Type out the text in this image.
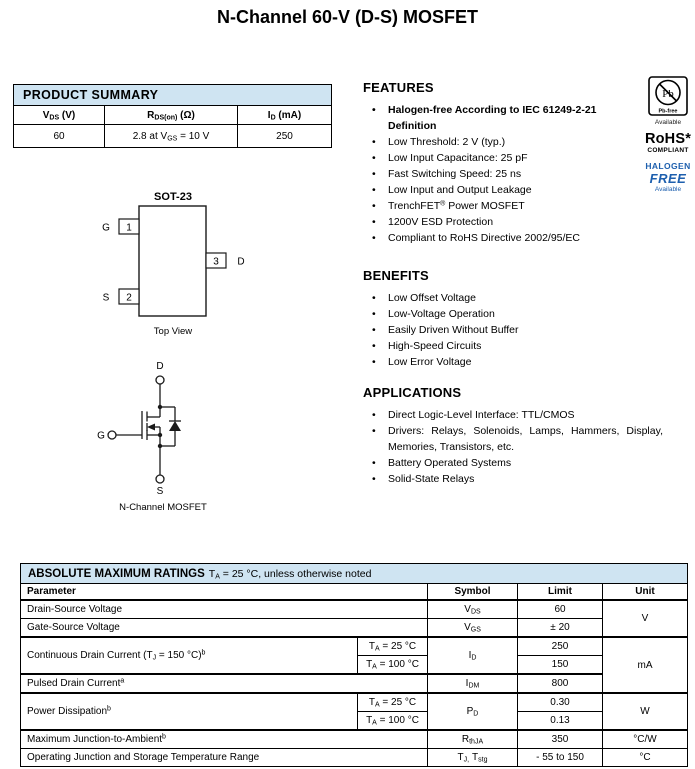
N-Channel 60-V (D-S) MOSFET
PRODUCT SUMMARY		
$V_{DS}$ (V)	$R_{DS(on)}$ (Ω)	$I_D$ (mA)
60	2.8 at $V_{GS} = 10$ V	250
SOT-23
1
G
2
S
3 D
Top View
D
G
S
N-Channel MOSFET
FEATURES
• Halogen-free According to IEC 61249-2-21 Definition
• Low Threshold: 2 V (typ.)
• Low Input Capacitance: 25 pF
• Fast Switching Speed: 25 ns
• Low Input and Output Leakage
• TrenchFET® Power MOSFET
• 1200V ESD Protection
• Compliant to RoHS Directive 2002/95/EC
Pb
Pb-free
Available
RoHS*
COMPLIANT
HALOGEN
FREE
Available
BENEFITS
• Low Offset Voltage
• Low-Voltage Operation
• Easily Driven Without Buffer
• High-Speed Circuits
• Low Error Voltage
APPLICATIONS
• Direct Logic-Level Interface: TTL/CMOS
• Drivers: Relays, Solenoids, Lamps, Hammers, Display, Memories, Transistors, etc.
• Battery Operated Systems
• Solid-State Relays
ABSOLUTE MAXIMUM RATINGS $T_A = 25$ °C, unless otherwise noted				
Parameter		Symbol	Limit	Unit
Drain-Source Voltage		$V_{DS}$	60	V
Gate-Source Voltage		$V_{GS}$	± 20	
Continuous Drain Current ($T_J = 150$ °C)$^b$	$T_A = 25$ °C	$I_D$	250	mA
	$T_A = 100$ °C		150	
Pulsed Drain Current$^a$		$I_{DM}$	800	
Power Dissipation$^b$	$T_A = 25$ °C	$P_D$	0.30	W
	$T_A = 100$ °C		0.13	
Maximum Junction-to-Ambient$^b$		$R_{thJA}$	350	°C/W
Operating Junction and Storage Temperature Range		$T_{J,}$ $T_{stg}$	- 55 to 150	°C
